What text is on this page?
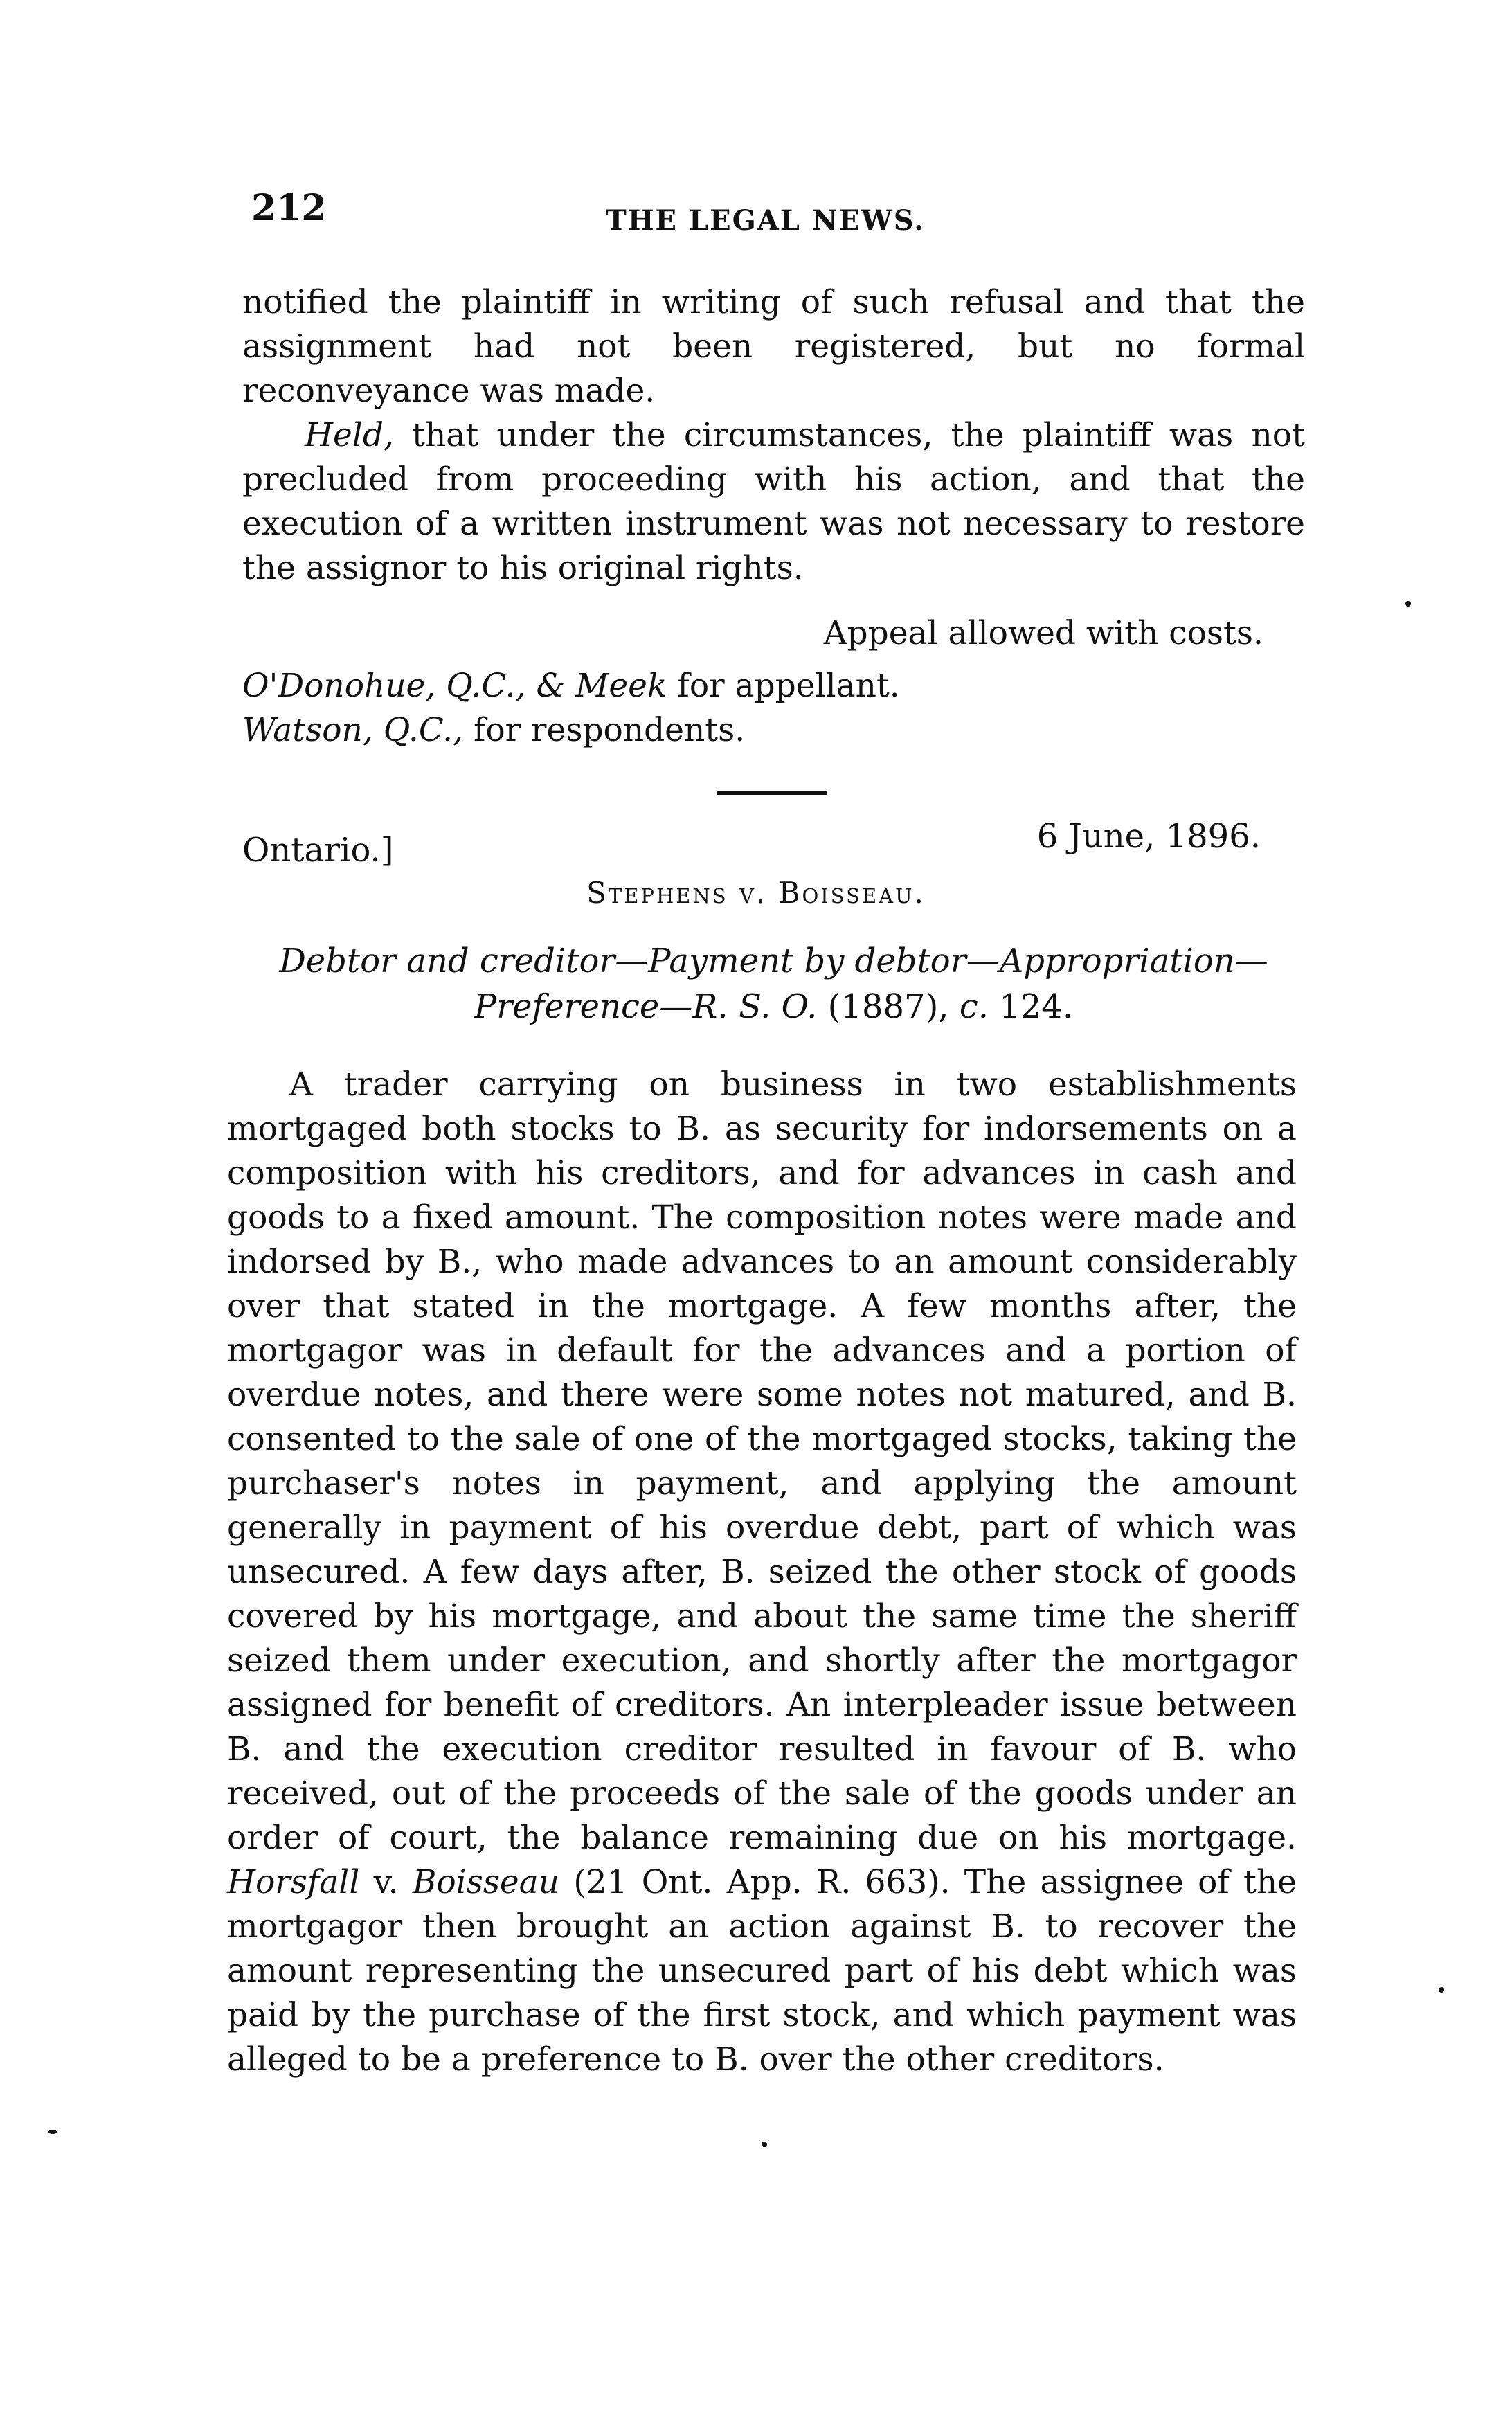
212	THE LEGAL NEWS.

notified the plaintiff in writing of such refusal and that the assignment had not been registered, but no formal reconveyance was made.

Held, that under the circumstances, the plaintiff was not precluded from proceeding with his action, and that the execution of a written instrument was not necessary to restore the assignor to his original rights.

Appeal allowed with costs.

O'Donohue, Q.C., & Meek for appellant.

Watson, Q.C., for respondents.

Ontario.]	6 June, 1896.
Stephens v. Boisseau.
Debtor and creditor—Payment by debtor—Appropriation—
Preference—R. S. O. (1887), c. 124.

A trader carrying on business in two establishments mortgaged both stocks to B. as security for indorsements on a composition with his creditors, and for advances in cash and goods to a fixed amount. The composition notes were made and indorsed by B., who made advances to an amount considerably over that stated in the mortgage. A few months after, the mortgagor was in default for the advances and a portion of overdue notes, and there were some notes not matured, and B. consented to the sale of one of the mortgaged stocks, taking the purchaser's notes in payment, and applying the amount generally in payment of his overdue debt, part of which was unsecured. A few days after, B. seized the other stock of goods covered by his mortgage, and about the same time the sheriff seized them under execution, and shortly after the mortgagor assigned for benefit of creditors. An interpleader issue between B. and the execution creditor resulted in favour of B. who received, out of the proceeds of the sale of the goods under an order of court, the balance remaining due on his mortgage. Horsfall v. Boisseau (21 Ont. App. R. 663). The assignee of the mortgagor then brought an action against B. to recover the amount representing the unsecured part of his debt which was paid by the purchase of the first stock, and which payment was alleged to be a preference to B. over the other creditors.
